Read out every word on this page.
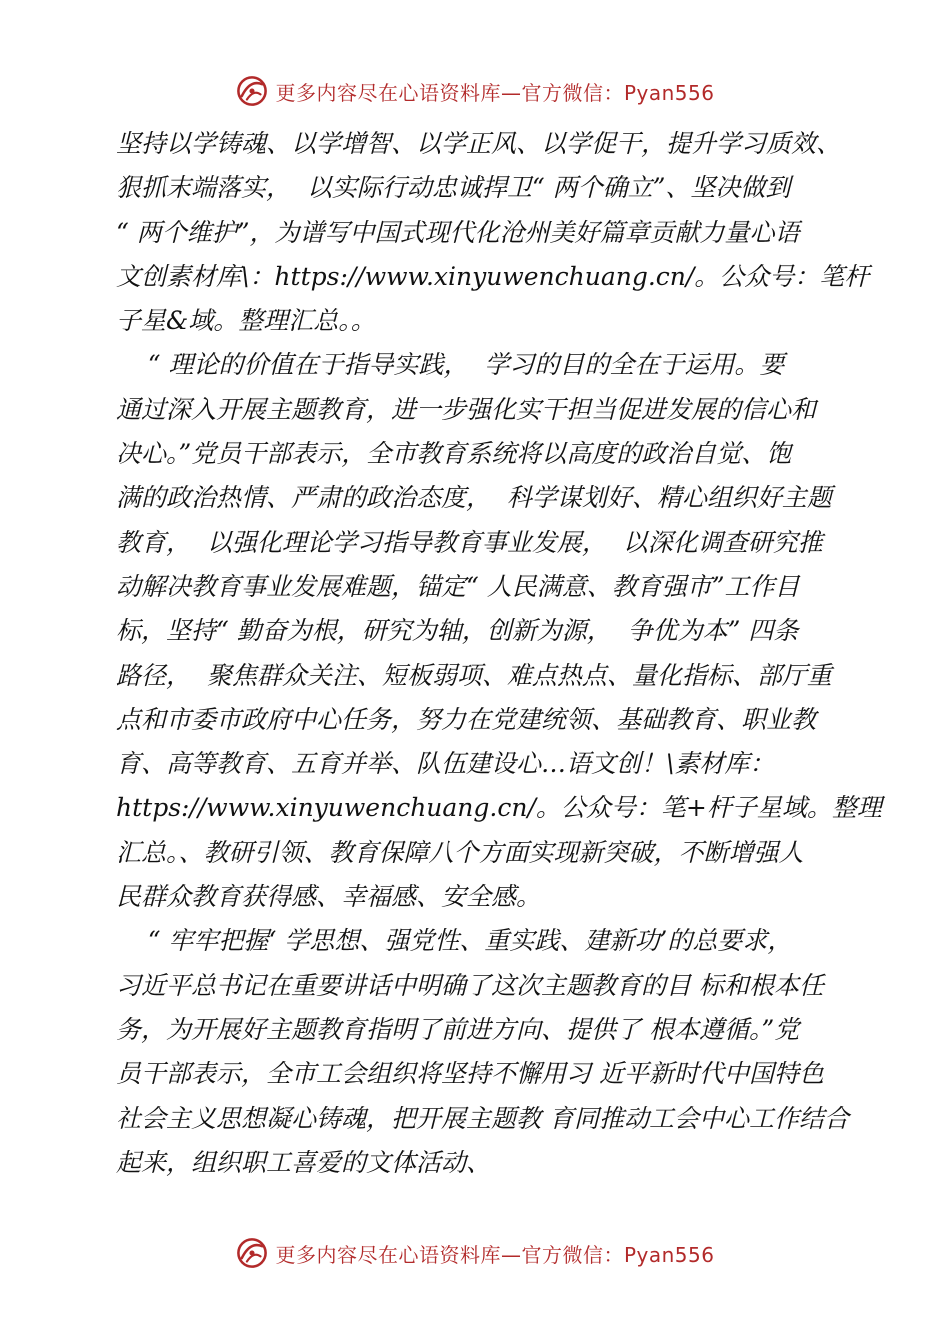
更多内容尽在心语资料库—官方微信：Pyan556
坚持以学铸魂、以学增智、以学正风、以学促干，提升学习质效、
狠抓末端落实，  以实际行动忠诚捍卫“ 两个确立”、坚决做到
“ 两个维护”，为谱写中国式现代化沧州美好篇章贡献力量心语
文创素材库\：https://www.xinyuwenchuang.cn/。公众号：笔杆
子星&域。整理汇总。。
“ 理论的价值在于指导实践，  学习的目的全在于运用。要
通过深入开展主题教育，进一步强化实干担当促进发展的信心和
决心。”党员干部表示，全市教育系统将以高度的政治自觉、饱
满的政治热情、严肃的政治态度，  科学谋划好、精心组织好主题
教育，  以强化理论学习指导教育事业发展，  以深化调查研究推
动解决教育事业发展难题，锚定“ 人民满意、教育强市”工作目
标，坚持“ 勤奋为根，研究为轴，创新为源，  争优为本” 四条
路径，  聚焦群众关注、短板弱项、难点热点、量化指标、部厅重
点和市委市政府中心任务，努力在党建统领、基础教育、职业教
育、高等教育、五育并举、队伍建设心…语文创！\素材库：
https://www.xinyuwenchuang.cn/。公众号：笔+杆子星域。整理
汇总。、教研引领、教育保障八个方面实现新突破，不断增强人
民群众教育获得感、幸福感、安全感。
“ 牢牢把握‘ 学思想、强党性、重实践、建新功’的总要求，
习近平总书记在重要讲话中明确了这次主题教育的目 标和根本任
务，为开展好主题教育指明了前进方向、提供了 根本遵循。”党
员干部表示，全市工会组织将坚持不懈用习 近平新时代中国特色
社会主义思想凝心铸魂，把开展主题教 育同推动工会中心工作结合
起来，组织职工喜爱的文体活动、
更多内容尽在心语资料库—官方微信：Pyan556
